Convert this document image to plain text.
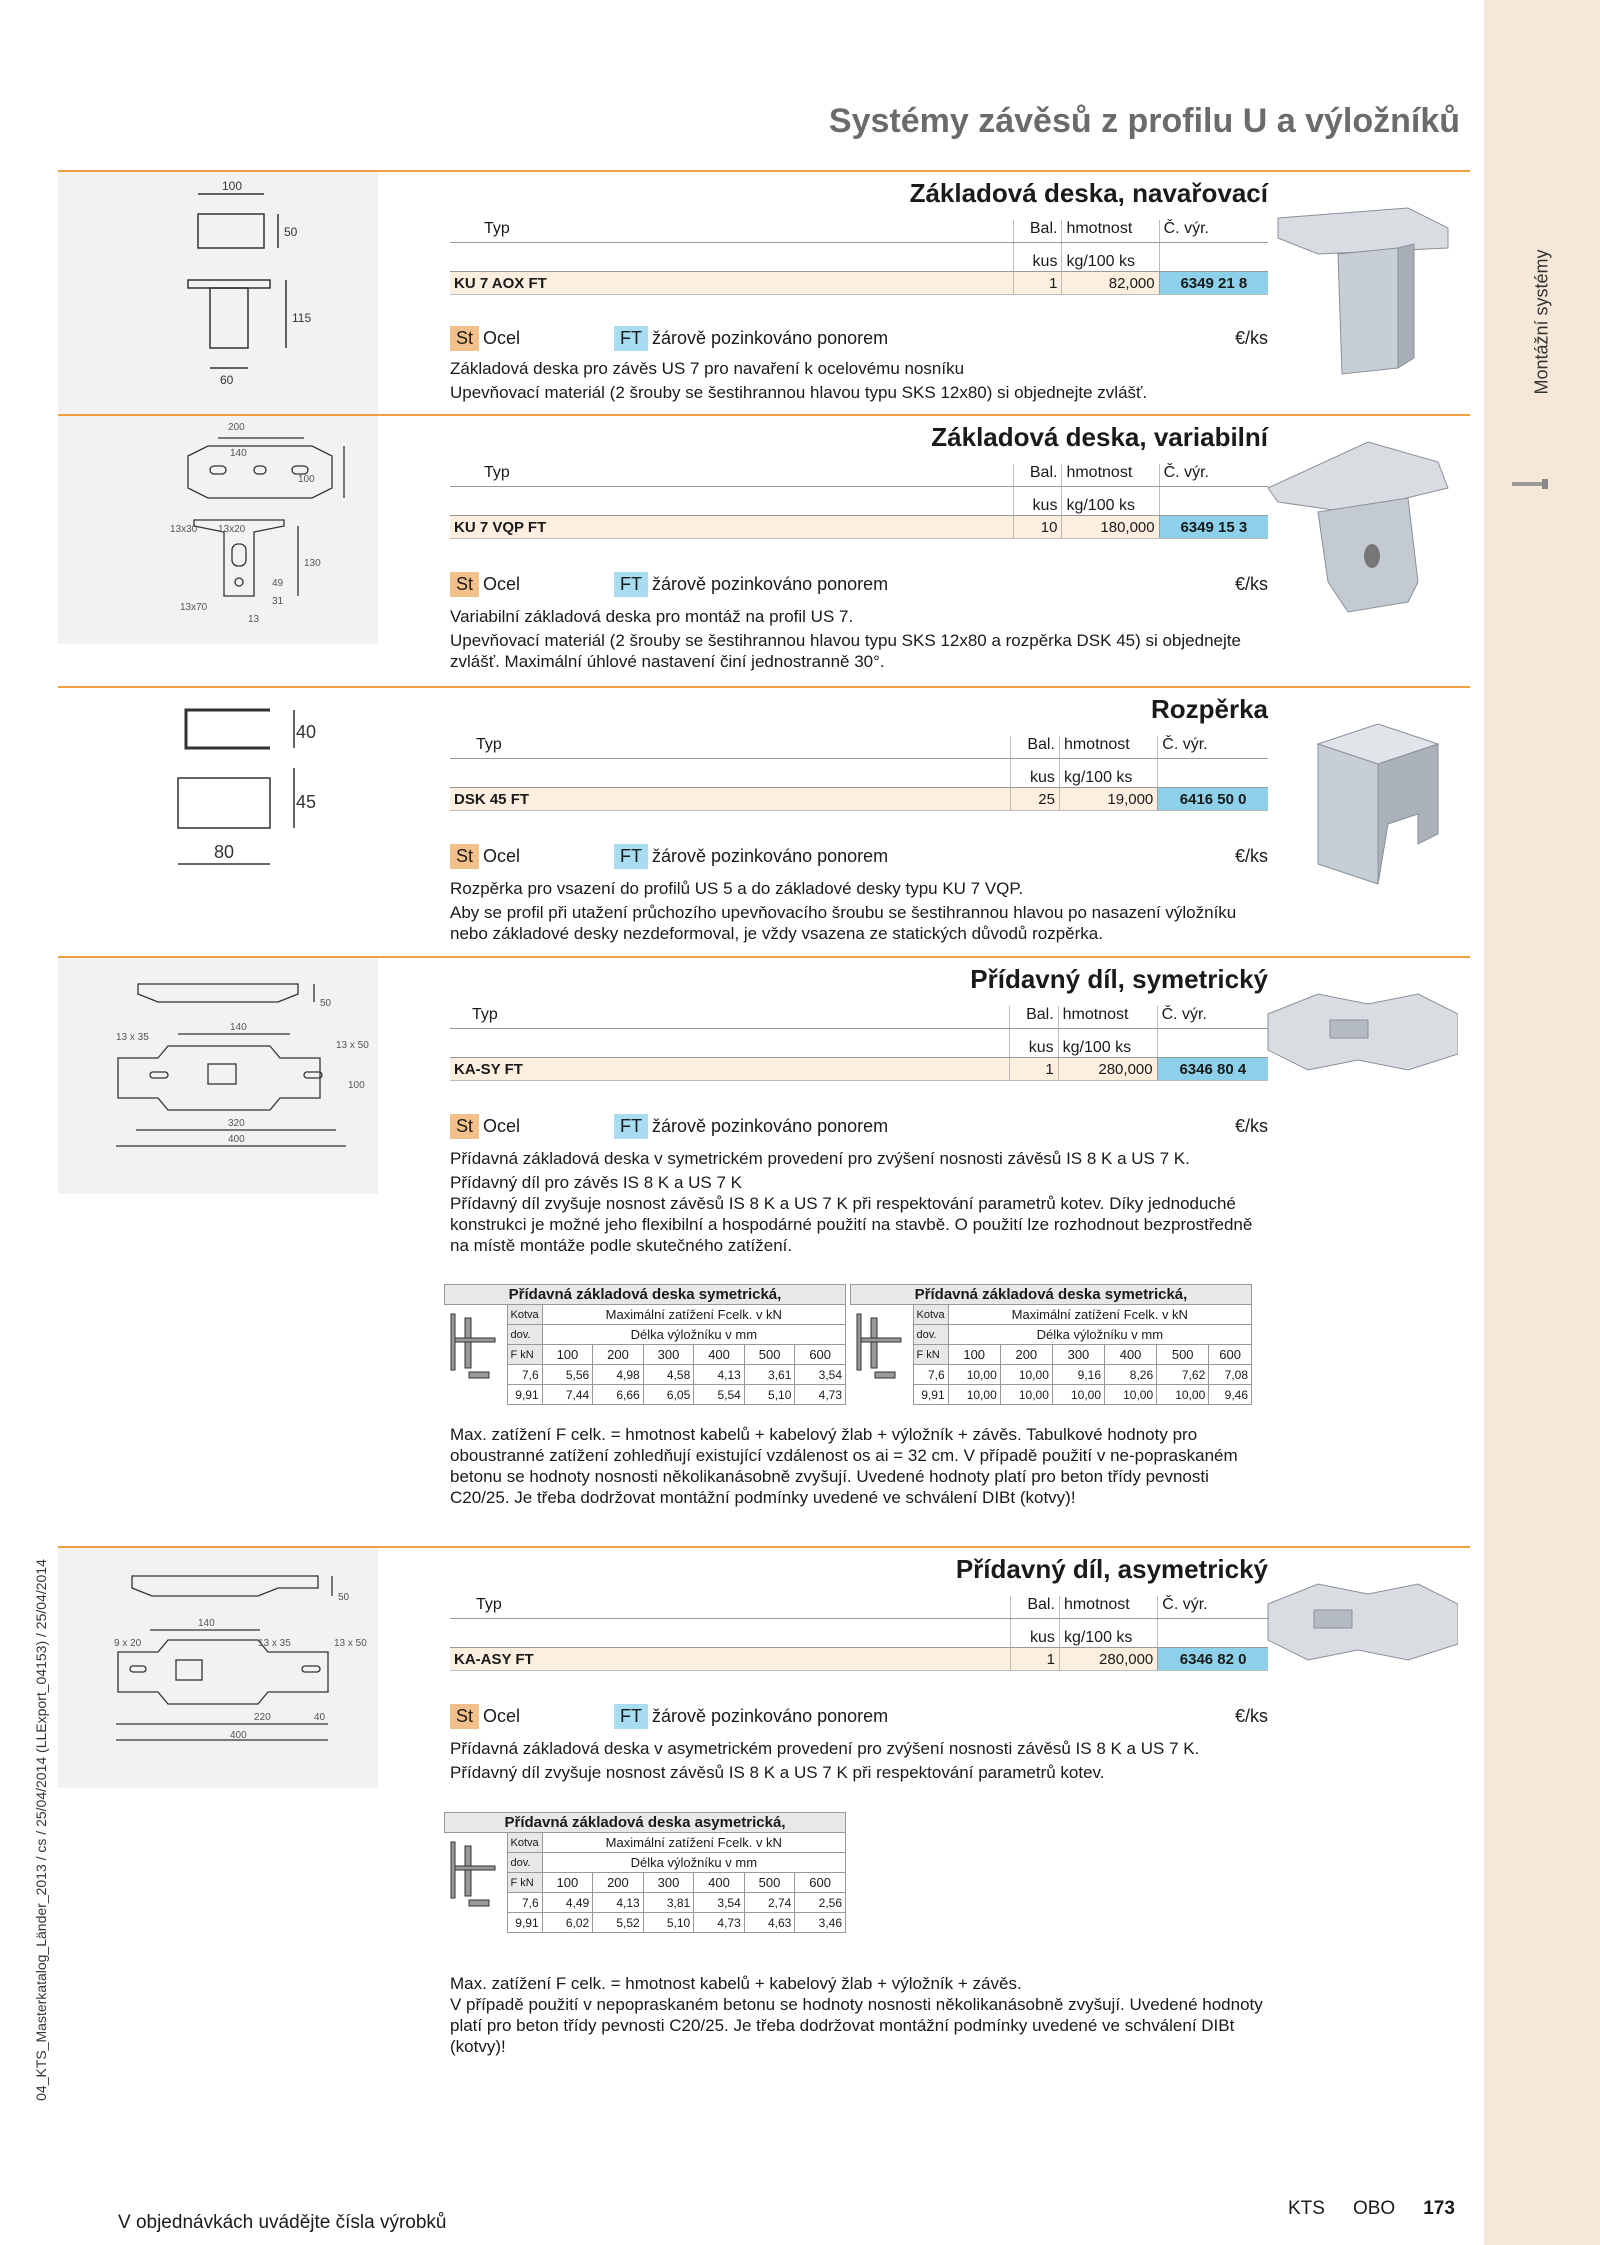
Montážní systémy
Systémy závěsů z profilu U a výložníků
100
50
115
60
Základová deska, navařovací
Typ	Bal.	hmotnost	Č. výr.
	kus	kg/100 ks	
KU 7 AOX FT	1	82,000	6349 21 8
St Ocel	FT žárově pozinkováno ponorem	€/ks

Základová deska pro závěs US 7 pro navaření k ocelovému nosníku

Upevňovací materiál (2 šrouby se šestihrannou hlavou typu SKS 12x80) si objednejte zvlášť.

200
140
100
13x30 13x20
130
49
31
13x70
13
Základová deska, variabilní
Typ	Bal.	hmotnost	Č. výr.
	kus	kg/100 ks	
KU 7 VQP FT	10	180,000	6349 15 3
St Ocel	FT žárově pozinkováno ponorem	€/ks

Variabilní základová deska pro montáž na profil US 7.

Upevňovací materiál (2 šrouby se šestihrannou hlavou typu SKS 12x80 a rozpěrka DSK 45) si objednejte zvlášť. Maximální úhlové nastavení činí jednostranně 30°.

40
45
80
Rozpěrka
Typ	Bal.	hmotnost	Č. výr.
	kus	kg/100 ks	
DSK 45 FT	25	19,000	6416 50 0
St Ocel	FT žárově pozinkováno ponorem	€/ks

Rozpěrka pro vsazení do profilů US 5 a do základové desky typu KU 7 VQP.

Aby se profil při utažení průchozího upevňovacího šroubu se šestihrannou hlavou po nasazení výložníku nebo základové desky nezdeformoval, je vždy vsazena ze statických důvodů rozpěrka.

50
13 x 35
140
13 x 50
100
320
400
Přídavný díl, symetrický
Typ	Bal.	hmotnost	Č. výr.
	kus	kg/100 ks	
KA-SY FT	1	280,000	6346 80 4
St Ocel	FT žárově pozinkováno ponorem	€/ks

Přídavná základová deska v symetrickém provedení pro zvýšení nosnosti závěsů IS 8 K a US 7 K.

Přídavný díl pro závěs IS 8 K a US 7 K

Přídavný díl zvyšuje nosnost závěsů IS 8 K a US 7 K při respektování parametrů kotev. Díky jednoduché konstrukci je možné jeho flexibilní a hospodárné použití na stavbě. O použití lze rozhodnout bezprostředně na místě montáže podle skutečného zatížení.

Přídavná základová deska symetrická,							
	Kotva	Maximální zatížení Fcelk. v kN					
	dov.	Délka výložníku v mm					
	F kN	100	200	300	400	500	600
	7,6	5,56	4,98	4,58	4,13	3,61	3,54
	9,91	7,44	6,66	6,05	5,54	5,10	4,73
Přídavná základová deska symetrická,							
	Kotva	Maximální zatížení Fcelk. v kN					
	dov.	Délka výložníku v mm					
	F kN	100	200	300	400	500	600
	7,6	10,00	10,00	9,16	8,26	7,62	7,08
	9,91	10,00	10,00	10,00	10,00	10,00	9,46

Max. zatížení F celk. = hmotnost kabelů + kabelový žlab + výložník + závěs. Tabulkové hodnoty pro oboustranné zatížení zohledňují existující vzdálenost os ai = 32 cm. V případě použití v ne-popraskaném betonu se hodnoty nosnosti několikanásobně zvyšují. Uvedené hodnoty platí pro beton třídy pevnosti C20/25. Je třeba dodržovat montážní podmínky uvedené ve schválení DIBt (kotvy)!

50
140
9 x 20	13 x 35	13 x 50
220	40
400
Přídavný díl, asymetrický
Typ	Bal.	hmotnost	Č. výr.
	kus	kg/100 ks	
KA-ASY FT	1	280,000	6346 82 0
St Ocel	FT žárově pozinkováno ponorem	€/ks

Přídavná základová deska v asymetrickém provedení pro zvýšení nosnosti závěsů IS 8 K a US 7 K.

Přídavný díl zvyšuje nosnost závěsů IS 8 K a US 7 K při respektování parametrů kotev.

Přídavná základová deska asymetrická,							
	Kotva	Maximální zatížení Fcelk. v kN					
	dov.	Délka výložníku v mm					
	F kN	100	200	300	400	500	600
	7,6	4,49	4,13	3,81	3,54	2,74	2,56
	9,91	6,02	5,52	5,10	4,73	4,63	3,46

Max. zatížení F celk. = hmotnost kabelů + kabelový žlab + výložník + závěs.
V případě použití v nepopraskaném betonu se hodnoty nosnosti několikanásobně zvyšují. Uvedené hodnoty platí pro beton třídy pevnosti C20/25. Je třeba dodržovat montážní podmínky uvedené ve schválení DIBt (kotvy)!

04_KTS_Masterkatalog_Länder_2013 / cs / 25/04/2014 (LLExport_04153) / 25/04/2014
V objednávkách uvádějte čísla výrobků
KTS OBO 173
